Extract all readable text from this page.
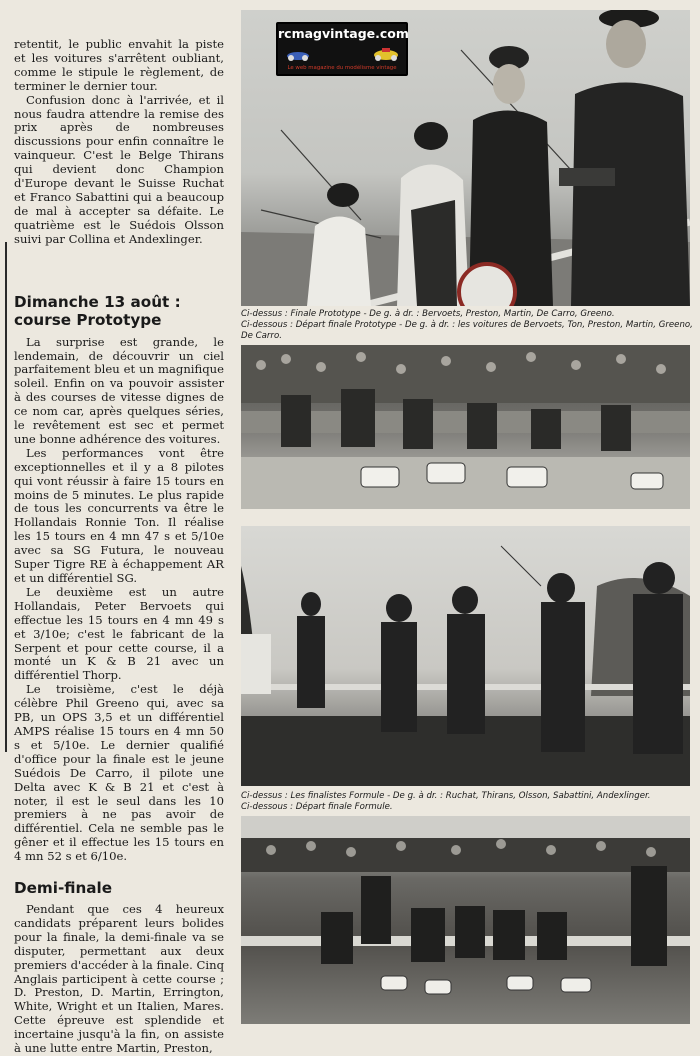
retentit, le public envahit la piste et les voitures s'arrêtent oubliant, comme le stipule le règlement, de terminer le dernier tour.

Confusion donc à l'arrivée, et il nous faudra attendre la remise des prix après de nombreuses discussions pour enfin connaître le vainqueur. C'est le Belge Thirans qui devient donc Champion d'Europe devant le Suisse Ruchat et Franco Sabattini qui a beaucoup de mal à accepter sa défaite. Le quatrième est le Suédois Olsson suivi par Collina et Andexlinger.

Dimanche 13 août : course Prototype

La surprise est grande, le lendemain, de découvrir un ciel parfaitement bleu et un magnifique soleil. Enfin on va pouvoir assister à des courses de vitesse dignes de ce nom car, après quelques séries, le revêtement est sec et permet une bonne adhérence des voitures.

Les performances vont être exceptionnelles et il y a 8 pilotes qui vont réussir à faire 15 tours en moins de 5 minutes. Le plus rapide de tous les concurrents va être le Hollandais Ronnie Ton. Il réalise les 15 tours en 4 mn 47 s et 5/10e avec sa SG Futura, le nouveau Super Tigre RE à échappement AR et un différentiel SG.

Le deuxième est un autre Hollandais, Peter Bervoets qui effectue les 15 tours en 4 mn 49 s et 3/10e; c'est le fabricant de la Serpent et pour cette course, il a monté un K & B 21 avec un différentiel Thorp.

Le troisième, c'est le déjà célèbre Phil Greeno qui, avec sa PB, un OPS 3,5 et un différentiel AMPS réalise 15 tours en 4 mn 50 s et 5/10e. Le dernier qualifié d'office pour la finale est le jeune Suédois De Carro, il pilote une Delta avec K & B 21 et c'est à noter, il est le seul dans les 10 premiers à ne pas avoir de différentiel. Cela ne semble pas le gêner et il effectue les 15 tours en 4 mn 52 s et 6/10e.

Demi-finale

Pendant que ces 4 heureux candidats préparent leurs bolides pour la finale, la demi-finale va se disputer, permettant aux deux premiers d'accéder à la finale. Cinq Anglais participent à cette course ; D. Preston, D. Martin, Errington, White, Wright et un Italien, Mares. Cette épreuve est splendide et incertaine jusqu'à la fin, on assiste à une lutte entre Martin, Preston,

rcmagvintage.com
Le web magazine du modélisme vintage
Ci-dessus : Finale Prototype - De g. à dr. : Bervoets, Preston, Martin, De Carro, Greeno.
Ci-dessous : Départ finale Prototype - De g. à dr. : les voitures de Bervoets, Ton, Preston, Martin, Greeno, De Carro.
Ci-dessus : Les finalistes Formule - De g. à dr. : Ruchat, Thirans, Olsson, Sabattini, Andexlinger.
Ci-dessous : Départ finale Formule.
